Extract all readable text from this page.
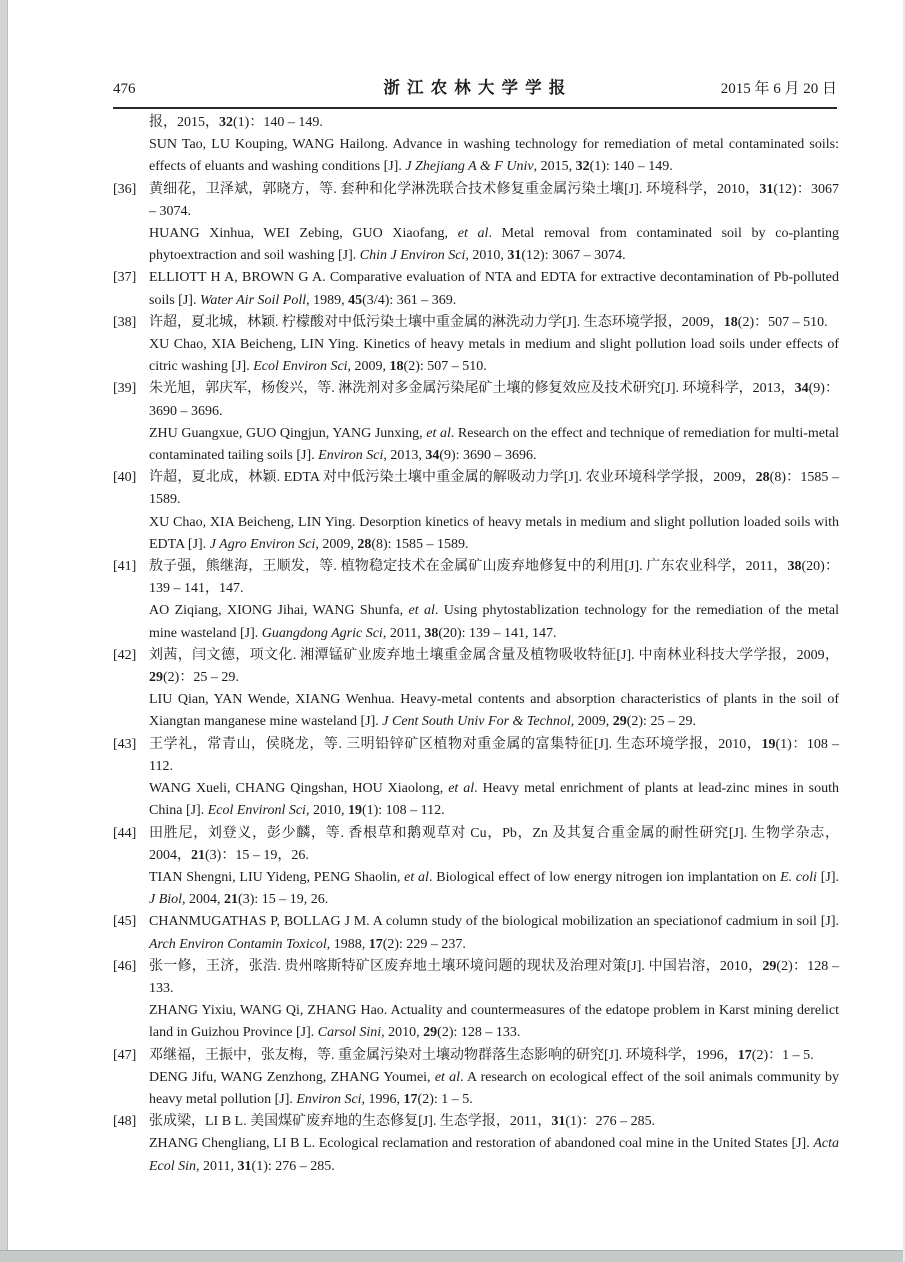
476	浙 江 农 林 大 学 学 报	2015 年 6 月 20 日
报，2015，32(1)：140 – 149.
SUN Tao, LU Kouping, WANG Hailong. Advance in washing technology for remediation of metal contaminated soils: effects of eluants and washing conditions [J]. J Zhejiang A & F Univ, 2015, 32(1): 140 – 149.
[36] 黄细花，卫泽斌，郭晓方，等. 套种和化学淋洗联合技术修复重金属污染土壤[J]. 环境科学，2010，31(12)：3067 – 3074.
HUANG Xinhua, WEI Zebing, GUO Xiaofang, et al. Metal removal from contaminated soil by co-planting phytoextraction and soil washing [J]. Chin J Environ Sci, 2010, 31(12): 3067 – 3074.
[37] ELLIOTT H A, BROWN G A. Comparative evaluation of NTA and EDTA for extractive decontamination of Pb-polluted soils [J]. Water Air Soil Poll, 1989, 45(3/4): 361 – 369.
[38] 许超，夏北城，林颖. 柠檬酸对中低污染土壤中重金属的淋洗动力学[J]. 生态环境学报，2009，18(2)：507 – 510.
XU Chao, XIA Beicheng, LIN Ying. Kinetics of heavy metals in medium and slight pollution load soils under effects of citric washing [J]. Ecol Environ Sci, 2009, 18(2): 507 – 510.
[39] 朱光旭，郭庆军，杨俊兴，等. 淋洗剂对多金属污染尾矿土壤的修复效应及技术研究[J]. 环境科学，2013，34(9)：3690 – 3696.
ZHU Guangxue, GUO Qingjun, YANG Junxing, et al. Research on the effect and technique of remediation for multi-metal contaminated tailing soils [J]. Environ Sci, 2013, 34(9): 3690 – 3696.
[40] 许超，夏北成，林颖. EDTA 对中低污染土壤中重金属的解吸动力学[J]. 农业环境科学学报，2009，28(8)：1585 – 1589.
XU Chao, XIA Beicheng, LIN Ying. Desorption kinetics of heavy metals in medium and slight pollution loaded soils with EDTA [J]. J Agro Environ Sci, 2009, 28(8): 1585 – 1589.
[41] 敖子强，熊继海，王顺发，等. 植物稳定技术在金属矿山废弃地修复中的利用[J]. 广东农业科学，2011，38(20)：139 – 141，147.
AO Ziqiang, XIONG Jihai, WANG Shunfa, et al. Using phytostablization technology for the remediation of the metal mine wasteland [J]. Guangdong Agric Sci, 2011, 38(20): 139 – 141, 147.
[42] 刘茜，闫文德，项文化. 湘潭锰矿业废弃地土壤重金属含量及植物吸收特征[J]. 中南林业科技大学学报，2009，29(2)：25 – 29.
LIU Qian, YAN Wende, XIANG Wenhua. Heavy-metal contents and absorption characteristics of plants in the soil of Xiangtan manganese mine wasteland [J]. J Cent South Univ For & Technol, 2009, 29(2): 25 – 29.
[43] 王学礼，常青山，侯晓龙，等. 三明铅锌矿区植物对重金属的富集特征[J]. 生态环境学报，2010，19(1)：108 – 112.
WANG Xueli, CHANG Qingshan, HOU Xiaolong, et al. Heavy metal enrichment of plants at lead-zinc mines in south China [J]. Ecol Environl Sci, 2010, 19(1): 108 – 112.
[44] 田胜尼，刘登义，彭少麟，等. 香根草和鹅观草对 Cu，Pb，Zn 及其复合重金属的耐性研究[J]. 生物学杂志，2004，21(3)：15 – 19，26.
TIAN Shengni, LIU Yideng, PENG Shaolin, et al. Biological effect of low energy nitrogen ion implantation on E. coli [J]. J Biol, 2004, 21(3): 15 – 19, 26.
[45] CHANMUGATHAS P, BOLLAG J M. A column study of the biological mobilization an speciationof cadmium in soil [J]. Arch Environ Contamin Toxicol, 1988, 17(2): 229 – 237.
[46] 张一修，王济，张浩. 贵州喀斯特矿区废弃地土壤环境问题的现状及治理对策[J]. 中国岩溶，2010，29(2)：128 – 133.
ZHANG Yixiu, WANG Qi, ZHANG Hao. Actuality and countermeasures of the edatope problem in Karst mining derelict land in Guizhou Province [J]. Carsol Sini, 2010, 29(2): 128 – 133.
[47] 邓继福，王振中，张友梅，等. 重金属污染对土壤动物群落生态影响的研究[J]. 环境科学，1996，17(2)：1 – 5.
DENG Jifu, WANG Zenzhong, ZHANG Youmei, et al. A research on ecological effect of the soil animals community by heavy metal pollution [J]. Environ Sci, 1996, 17(2): 1 – 5.
[48] 张成梁，LI B L. 美国煤矿废弃地的生态修复[J]. 生态学报，2011，31(1)：276 – 285.
ZHANG Chengliang, LI B L. Ecological reclamation and restoration of abandoned coal mine in the United States [J]. Acta Ecol Sin, 2011, 31(1): 276 – 285.
